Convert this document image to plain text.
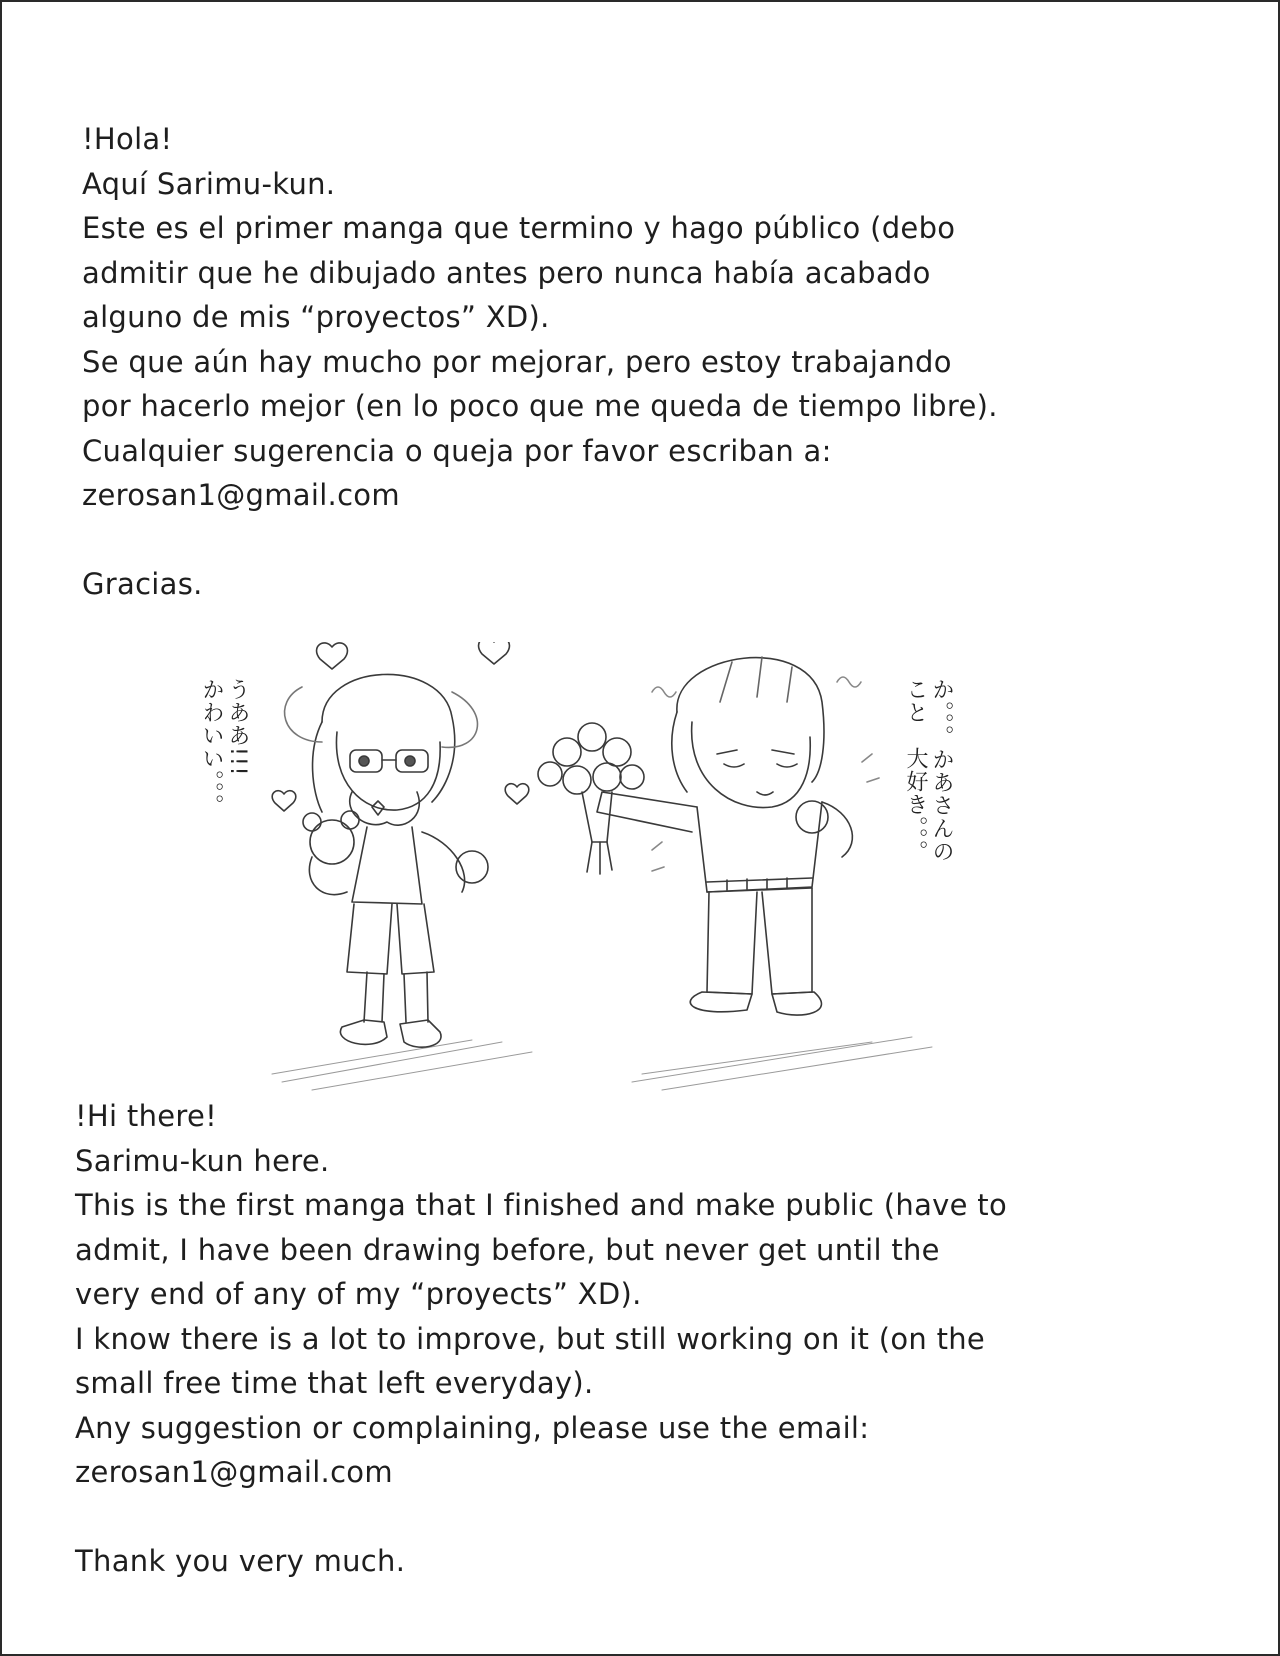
!Hola!
Aquí Sarimu-kun.
Este es el primer manga que termino y hago público (debo
admitir que he dibujado antes pero nunca había acabado
alguno de mis “proyectos” XD).
Se que aún hay mucho por mejorar, pero estoy trabajando
por hacerlo mejor (en lo poco que me queda de tiempo libre).
Cualquier sugerencia o queja por favor escriban a:
zerosan1@gmail.com
Gracias.
うああ!!!
かわいい。。。	か。。。かあさんの
こと　大好き。。。
!Hi there!
Sarimu-kun here.
This is the first manga that I finished and make public (have to
admit, I have been drawing before, but never get until the
very end of any of my “proyects” XD).
I know there is a lot to improve, but still working on it (on the
small free time that left everyday).
Any suggestion or complaining, please use the email:
zerosan1@gmail.com
Thank you very much.
